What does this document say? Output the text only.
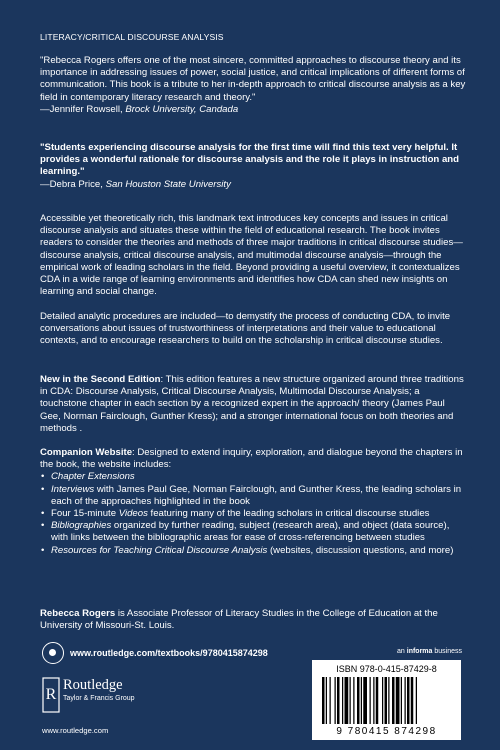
LITERACY/CRITICAL DISCOURSE ANALYSIS

"Rebecca Rogers offers one of the most sincere, committed approaches to discourse theory and its importance in addressing issues of power, social justice, and critical implications of different forms of communication. This book is a tribute to her in-depth approach to critical discourse analysis as a key field in contemporary literacy research and theory."

—Jennifer Rowsell, Brock University, Candada

"Students experiencing discourse analysis for the first time will find this text very helpful. It provides a wonderful rationale for discourse analysis and the role it plays in instruction and learning."

—Debra Price, San Houston State University

Accessible yet theoretically rich, this landmark text introduces key concepts and issues in critical discourse analysis and situates these within the field of educational research. The book invites readers to consider the theories and methods of three major traditions in critical discourse studies—discourse analysis, critical discourse analysis, and multimodal discourse analysis—through the empirical work of leading scholars in the field. Beyond providing a useful overview, it contextualizes CDA in a wide range of learning environments and identifies how CDA can shed new insights on learning and social change.

Detailed analytic procedures are included—to demystify the process of conducting CDA, to invite conversations about issues of trustworthiness of interpretations and their value to educational contexts, and to encourage researchers to build on the scholarship in critical discourse studies.

New in the Second Edition: This edition features a new structure organized around three traditions in CDA: Discourse Analysis, Critical Discourse Analysis, Multimodal Discourse Analysis; a touchstone chapter in each section by a recognized expert in the approach/ theory (James Paul Gee, Norman Fairclough, Gunther Kress); and a stronger international focus on both theories and methods .

Companion Website: Designed to extend inquiry, exploration, and dialogue beyond the chapters in the book, the website includes:

• Chapter Extensions
• Interviews with James Paul Gee, Norman Fairclough, and Gunther Kress, the leading scholars in each of the approaches highlighted in the book
• Four 15-minute Videos featuring many of the leading scholars in critical discourse studies
• Bibliographies organized by further reading, subject (research area), and object (data source), with links between the bibliographic areas for ease of cross-referencing between studies
• Resources for Teaching Critical Discourse Analysis (websites, discussion questions, and more)

Rebecca Rogers is Associate Professor of Literacy Studies in the College of Education at the University of Missouri-St. Louis.

www.routledge.com/textbooks/9780415874298
R
Routledge
Taylor & Francis Group
www.routledge.com
an informa business
ISBN 978-0-415-87429-8
9 780415 874298
